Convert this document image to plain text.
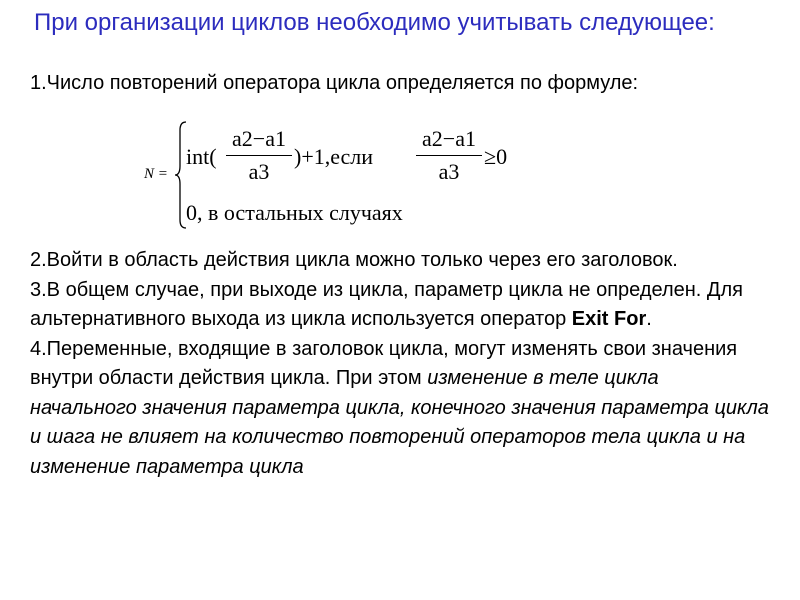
При организации циклов необходимо учитывать следующее:
1.Число повторений оператора цикла определяется по формуле:
N =
int(
a2−a1
a3
)+1,если
a2−a1
a3
≥0
0, в остальных случаях

2.Войти в область действия цикла можно только через его заголовок.

3.В общем случае, при выходе из цикла, параметр цикла не определен. Для альтернативного выхода из цикла используется оператор Exit For.

4.Переменные, входящие в заголовок цикла, могут изменять свои значения внутри области действия цикла. При этом изменение в теле цикла начального значения параметра цикла, конечного значения параметра цикла и шага не влияет на количество повторений операторов тела цикла и на изменение параметра цикла
